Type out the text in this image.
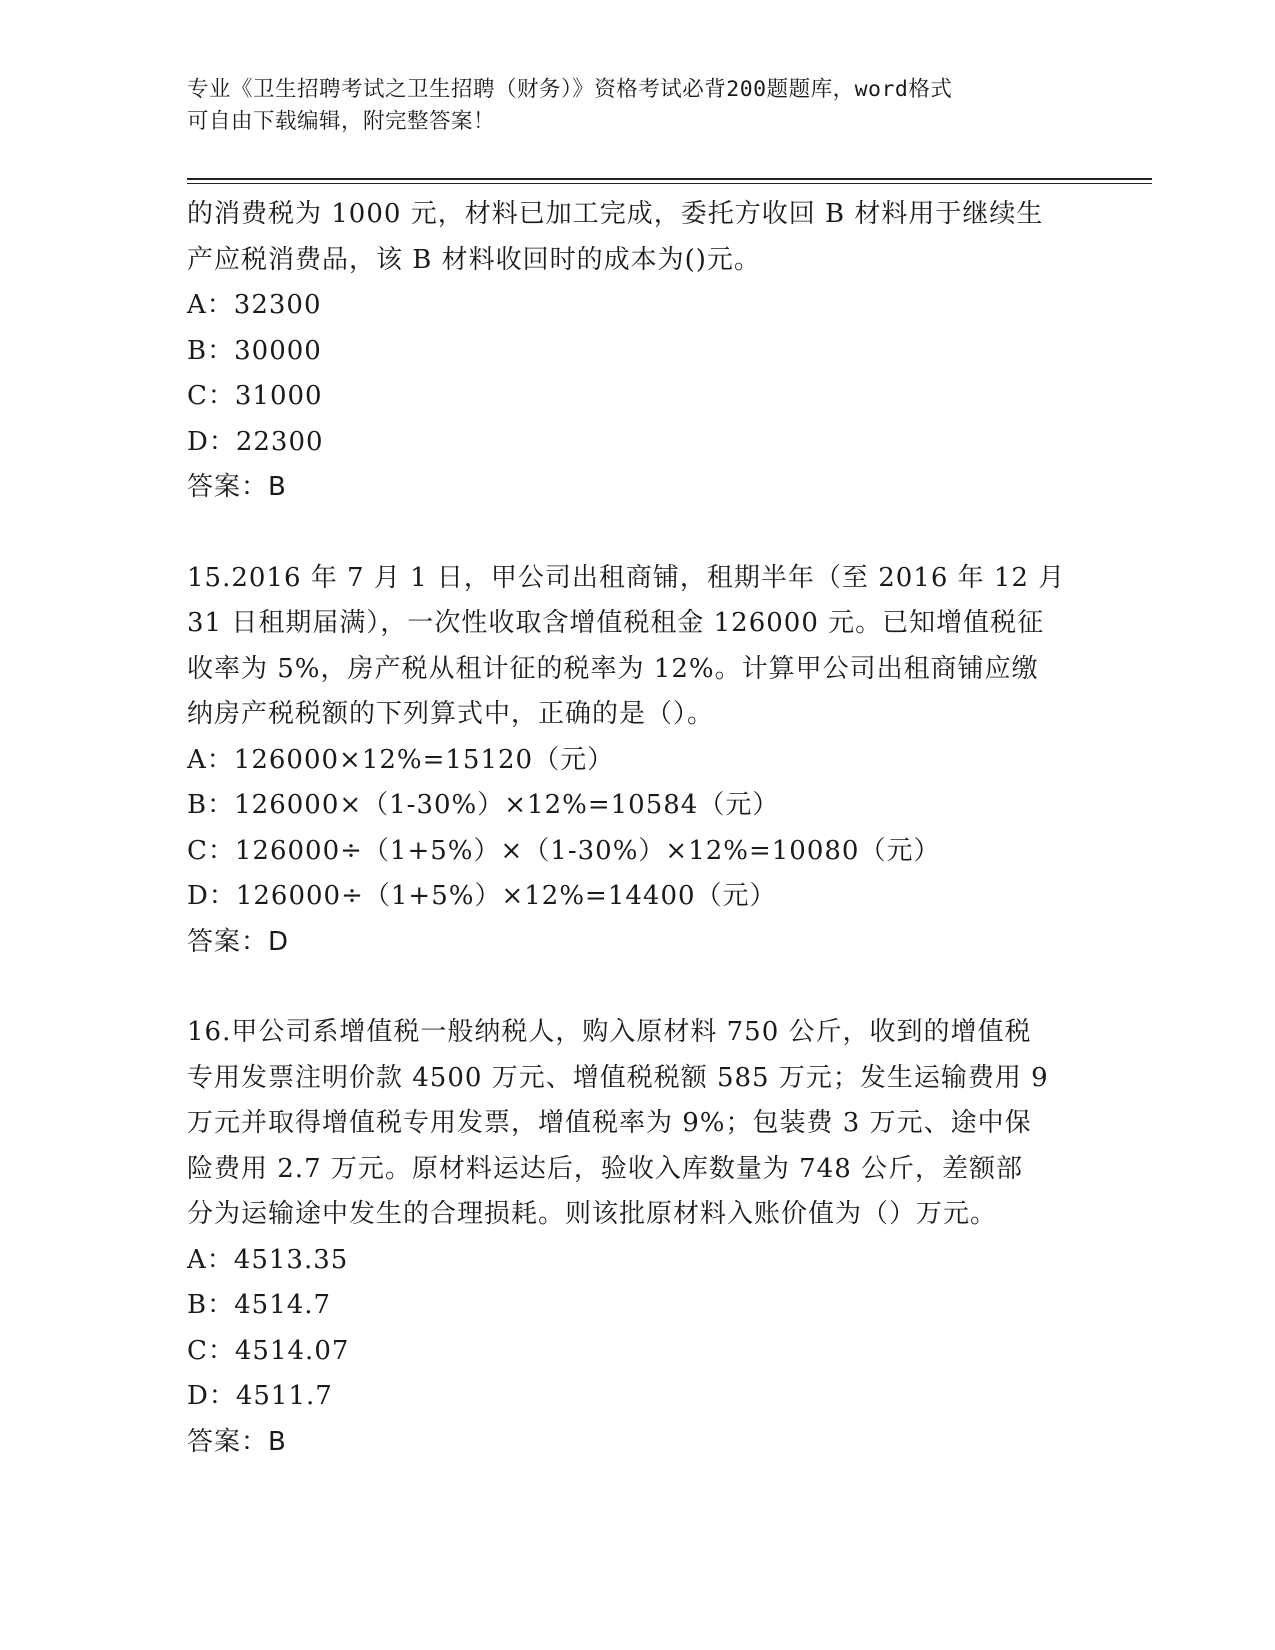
专业《卫生招聘考试之卫生招聘（财务）》资格考试必背200题题库，word格式
可自由下载编辑，附完整答案！
的消费税为 1000 元，材料已加工完成，委托方收回 B 材料用于继续生
产应税消费品，该 B 材料收回时的成本为()元。
A：32300
B：30000
C：31000
D：22300
答案：B
15.2016 年 7 月 1 日，甲公司出租商铺，租期半年（至 2016 年 12 月
31 日租期届满），一次性收取含增值税租金 126000 元。已知增值税征
收率为 5%，房产税从租计征的税率为 12%。计算甲公司出租商铺应缴
纳房产税税额的下列算式中，正确的是（）。
A：126000×12%=15120（元）
B：126000×（1-30%）×12%=10584（元）
C：126000÷（1+5%）×（1-30%）×12%=10080（元）
D：126000÷（1+5%）×12%=14400（元）
答案：D
16.甲公司系增值税一般纳税人，购入原材料 750 公斤，收到的增值税
专用发票注明价款 4500 万元、增值税税额 585 万元；发生运输费用 9
万元并取得增值税专用发票，增值税率为 9%；包装费 3 万元、途中保
险费用 2.7 万元。原材料运达后，验收入库数量为 748 公斤，差额部
分为运输途中发生的合理损耗。则该批原材料入账价值为（）万元。
A：4513.35
B：4514.7
C：4514.07
D：4511.7
答案：B
